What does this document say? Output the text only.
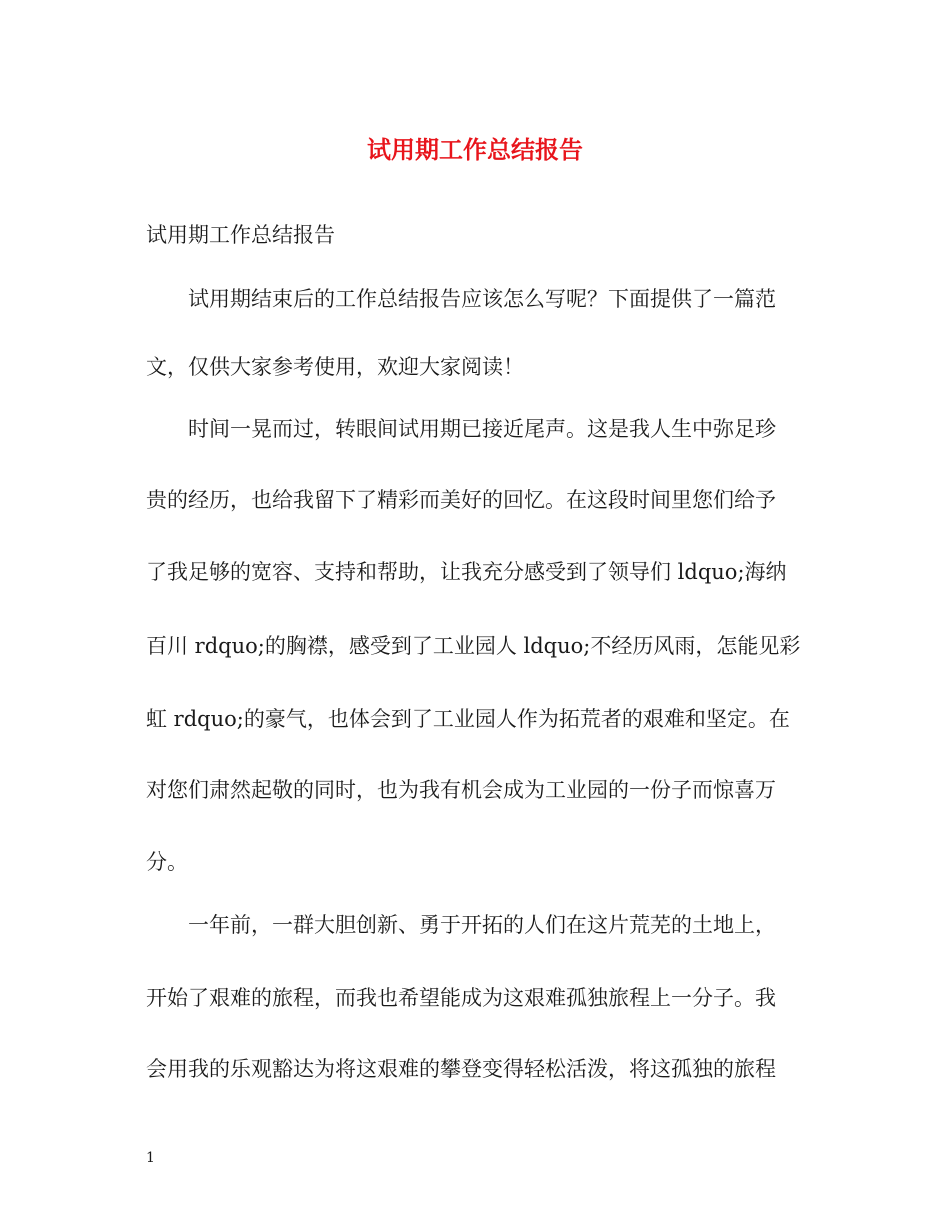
试用期工作总结报告
试用期工作总结报告
试用期结束后的工作总结报告应该怎么写呢？下面提供了一篇范
文，仅供大家参考使用，欢迎大家阅读！
时间一晃而过，转眼间试用期已接近尾声。这是我人生中弥足珍
贵的经历，也给我留下了精彩而美好的回忆。在这段时间里您们给予
了我足够的宽容、支持和帮助，让我充分感受到了领导们 ldquo;海纳
百川 rdquo;的胸襟，感受到了工业园人 ldquo;不经历风雨，怎能见彩
虹 rdquo;的豪气，也体会到了工业园人作为拓荒者的艰难和坚定。在
对您们肃然起敬的同时，也为我有机会成为工业园的一份子而惊喜万
分。
一年前，一群大胆创新、勇于开拓的人们在这片荒芜的土地上，
开始了艰难的旅程，而我也希望能成为这艰难孤独旅程上一分子。我
会用我的乐观豁达为将这艰难的攀登变得轻松活泼，将这孤独的旅程
1
